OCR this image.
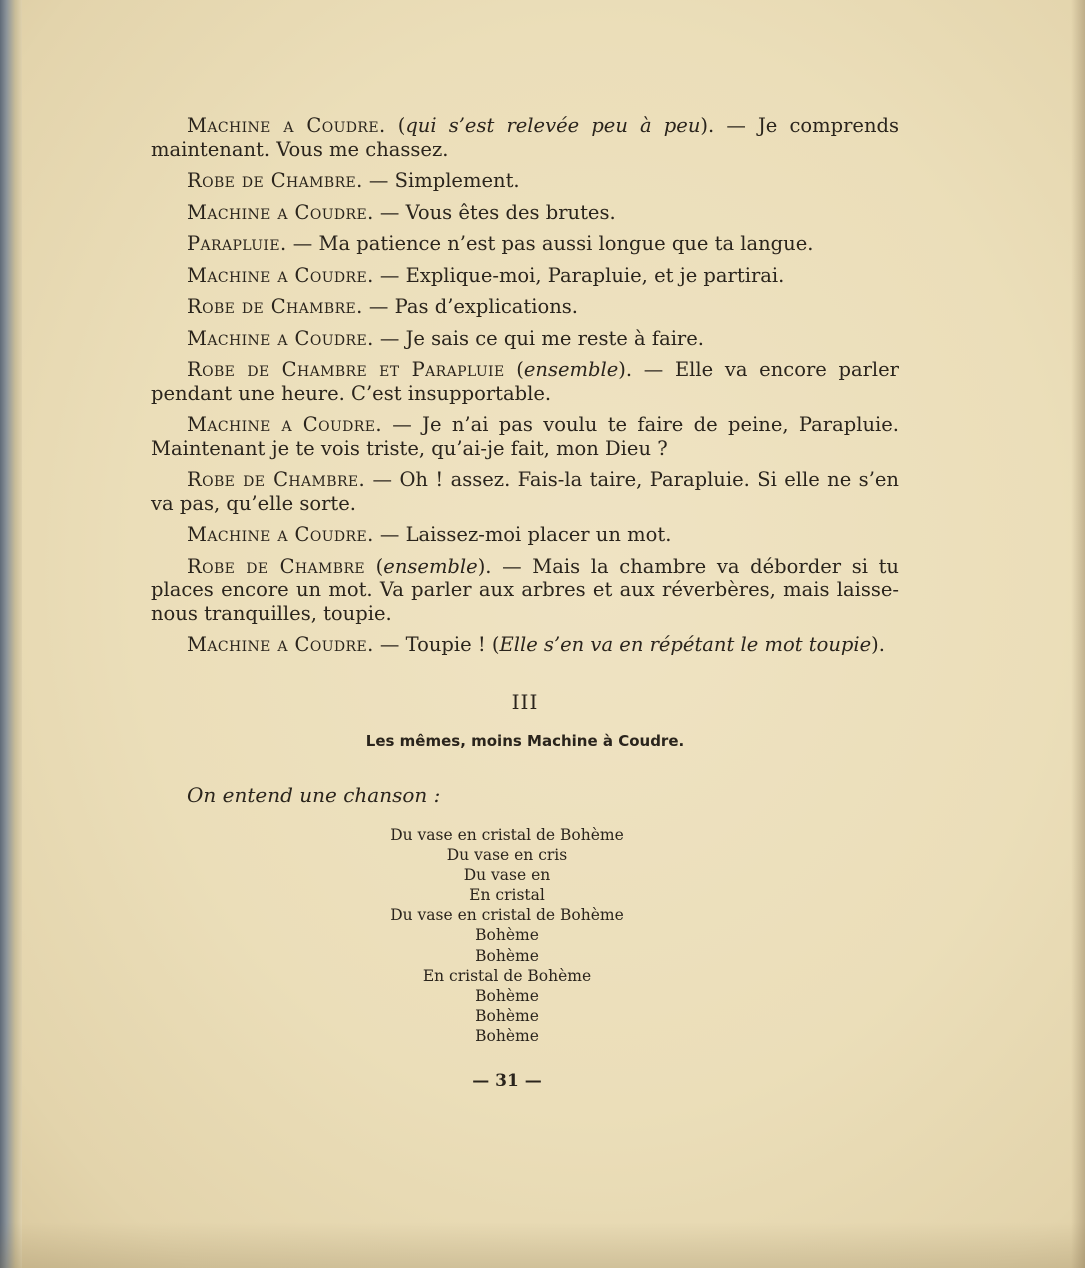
Machine a Coudre. (qui s’est relevée peu à peu). — Je comprends maintenant. Vous me chassez.

Robe de Chambre. — Simplement.

Machine a Coudre. — Vous êtes des brutes.

Parapluie. — Ma patience n’est pas aussi longue que ta langue.

Machine a Coudre. — Explique-moi, Parapluie, et je partirai.

Robe de Chambre. — Pas d’explications.

Machine a Coudre. — Je sais ce qui me reste à faire.

Robe de Chambre et Parapluie (ensemble). — Elle va encore parler pendant une heure. C’est insupportable.

Machine a Coudre. — Je n’ai pas voulu te faire de peine, Parapluie. Maintenant je te vois triste, qu’ai-je fait, mon Dieu ?

Robe de Chambre. — Oh ! assez. Fais-la taire, Parapluie. Si elle ne s’en va pas, qu’elle sorte.

Machine a Coudre. — Laissez-moi placer un mot.

Robe de Chambre (ensemble). — Mais la chambre va déborder si tu places encore un mot. Va parler aux arbres et aux réverbères, mais laisse-nous tranquilles, toupie.

Machine a Coudre. — Toupie ! (Elle s’en va en répétant le mot toupie).

III
Les mêmes, moins Machine à Coudre.
On entend une chanson :
Du vase en cristal de Bohème
Du vase en cris
Du vase en
En cristal
Du vase en cristal de Bohème
Bohème
Bohème
En cristal de Bohème
Bohème
Bohème
Bohème
— 31 —
